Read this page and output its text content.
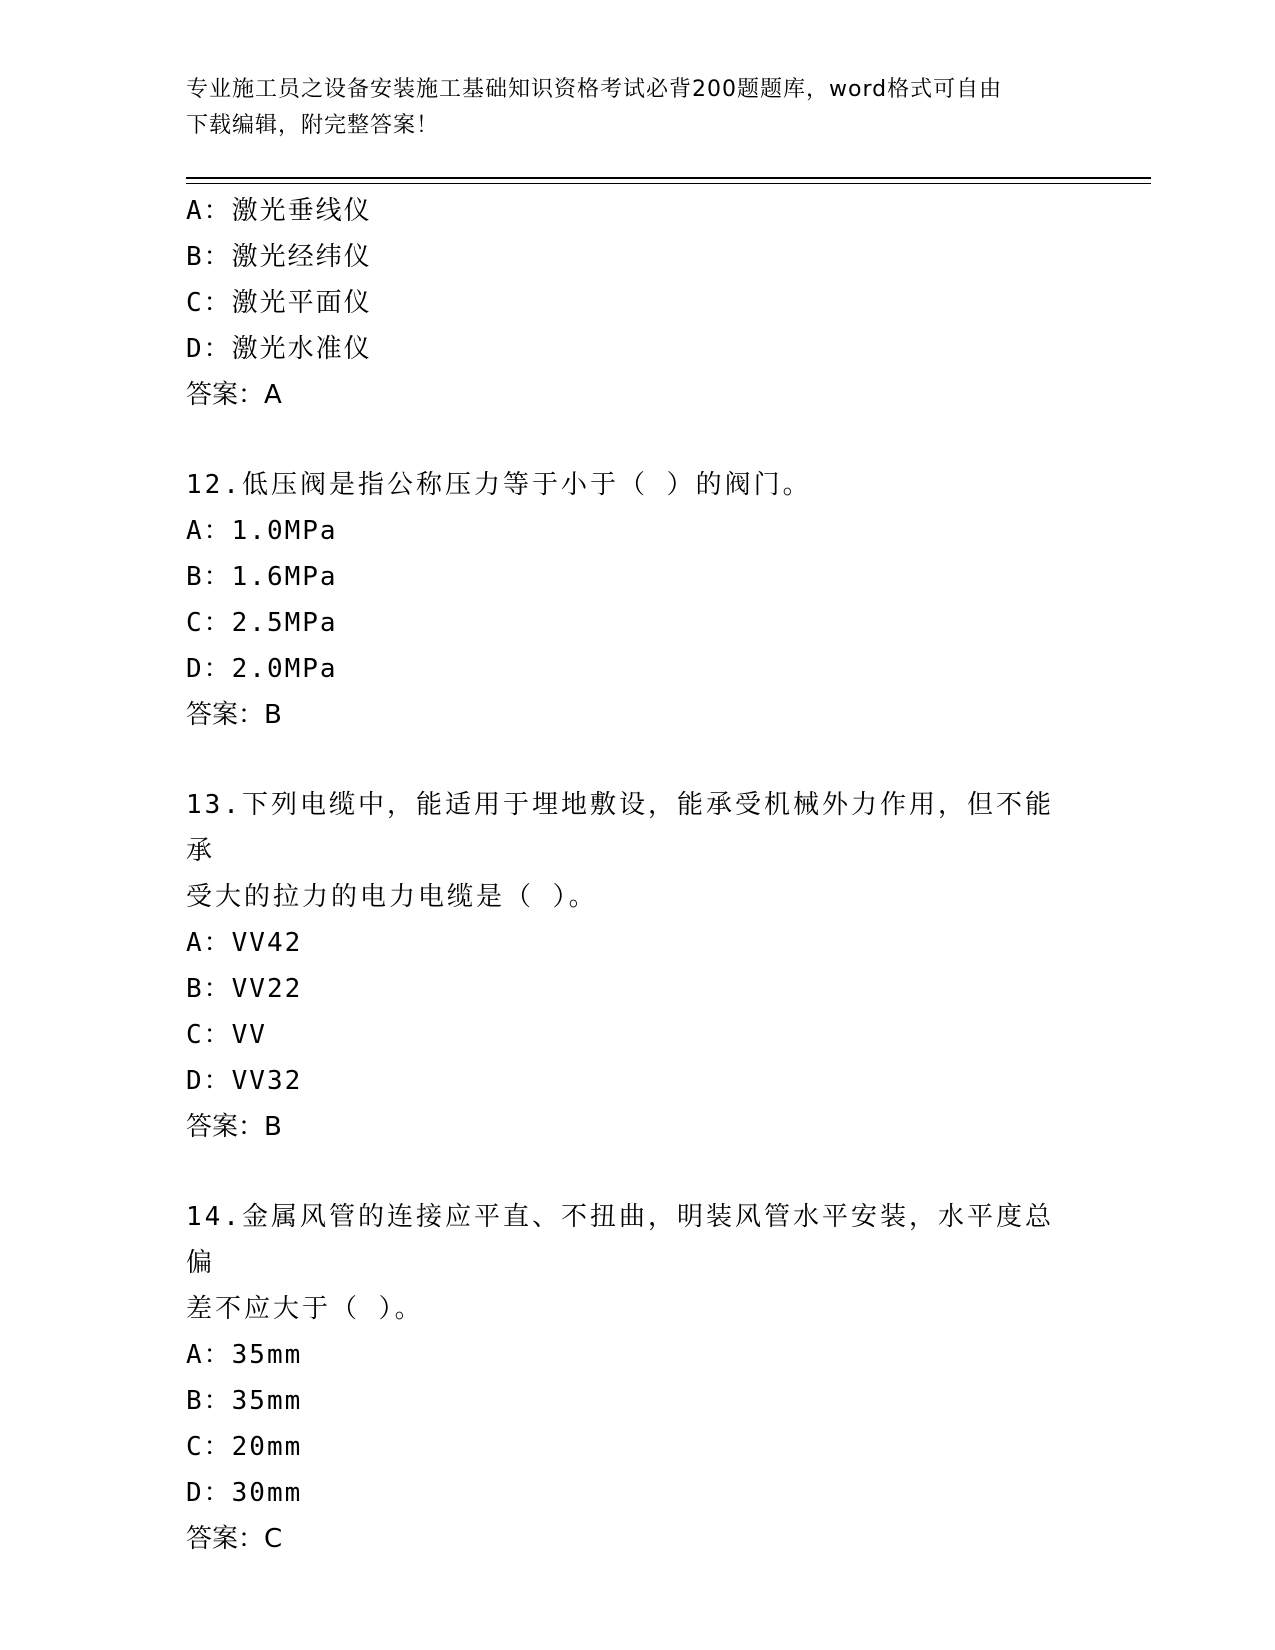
专业施工员之设备安装施工基础知识资格考试必背200题题库，word格式可自由
下载编辑，附完整答案！
A：激光垂线仪
B：激光经纬仪
C：激光平面仪
D：激光水准仪
答案：A
12.低压阀是指公称压力等于小于（ ）的阀门。
A：1.0MPa
B：1.6MPa
C：2.5MPa
D：2.0MPa
答案：B
13.下列电缆中，能适用于埋地敷设，能承受机械外力作用，但不能承
受大的拉力的电力电缆是（ ）。
A：VV42
B：VV22
C：VV
D：VV32
答案：B
14.金属风管的连接应平直、不扭曲，明装风管水平安装，水平度总偏
差不应大于（ ）。
A：35mm
B：35mm
C：20mm
D：30mm
答案：C
